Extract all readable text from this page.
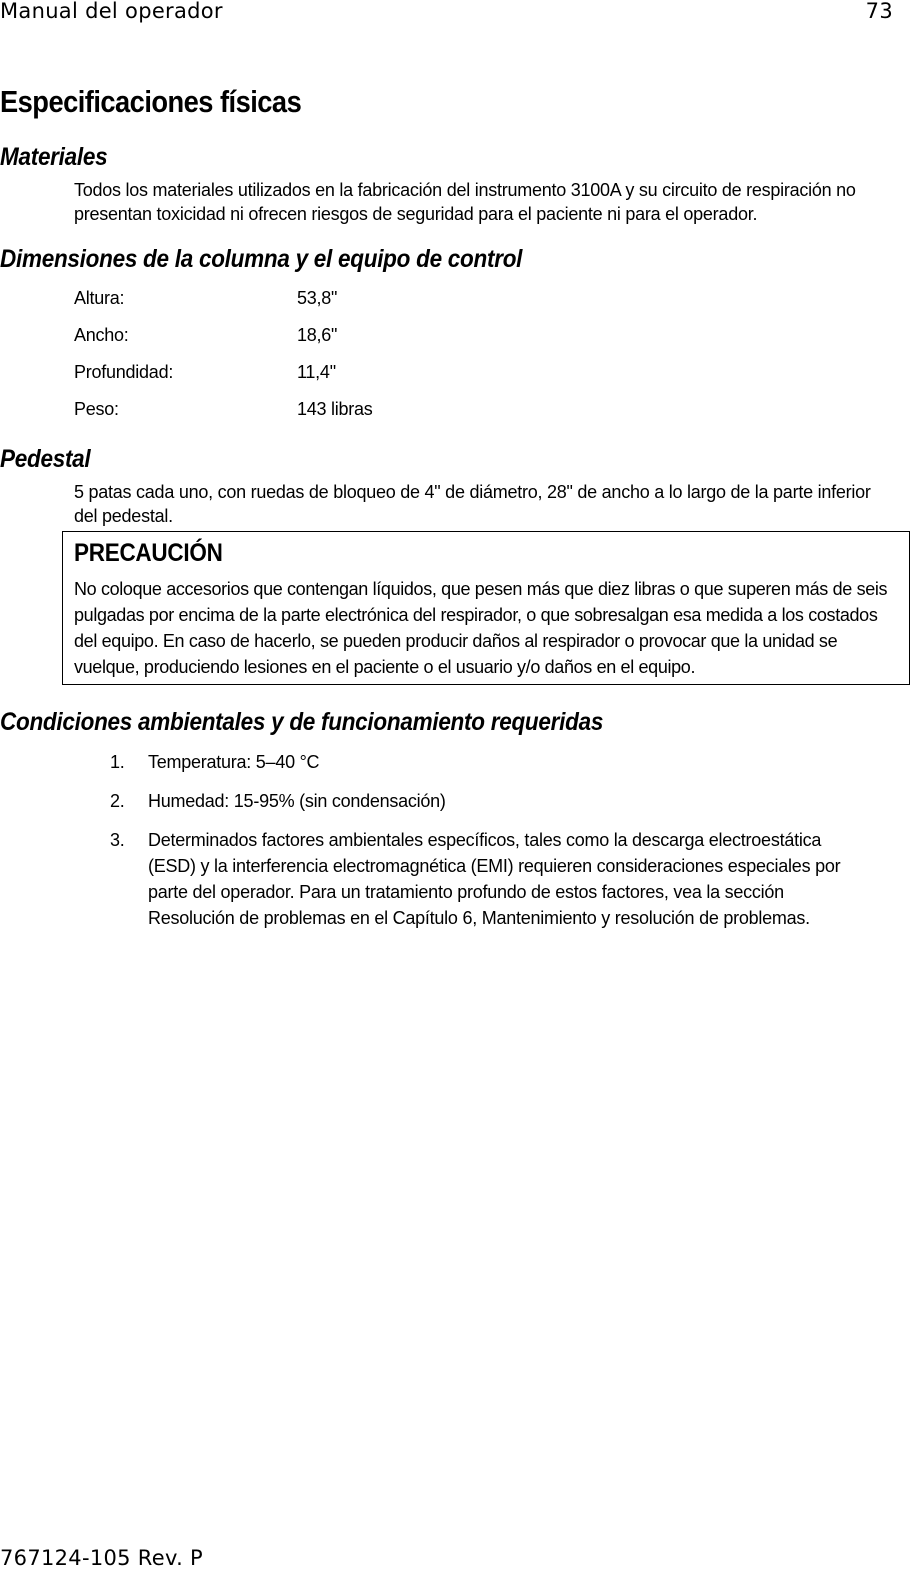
Manual del operador	73
Especificaciones físicas
Materiales

Todos los materiales utilizados en la fabricación del instrumento 3100A y su circuito de respiración no presentan toxicidad ni ofrecen riesgos de seguridad para el paciente ni para el operador.

Dimensiones de la columna y el equipo de control
Altura:	53,8"
Ancho:	18,6"
Profundidad:	11,4"
Peso:	143 libras
Pedestal

5 patas cada uno, con ruedas de bloqueo de 4" de diámetro, 28" de ancho a lo largo de la parte inferior del pedestal.

PRECAUCIÓN

No coloque accesorios que contengan líquidos, que pesen más que diez libras o que superen más de seis pulgadas por encima de la parte electrónica del respirador, o que sobresalgan esa medida a los costados del equipo. En caso de hacerlo, se pueden producir daños al respirador o provocar que la unidad se vuelque, produciendo lesiones en el paciente o el usuario y/o daños en el equipo.

Condiciones ambientales y de funcionamiento requeridas
1. Temperatura: 5–40 °C
2. Humedad: 15-95% (sin condensación)
3. Determinados factores ambientales específicos, tales como la descarga electroestática (ESD) y la interferencia electromagnética (EMI) requieren consideraciones especiales por parte del operador. Para un tratamiento profundo de estos factores, vea la sección Resolución de problemas en el Capítulo 6, Mantenimiento y resolución de problemas.
767124-105 Rev. P
